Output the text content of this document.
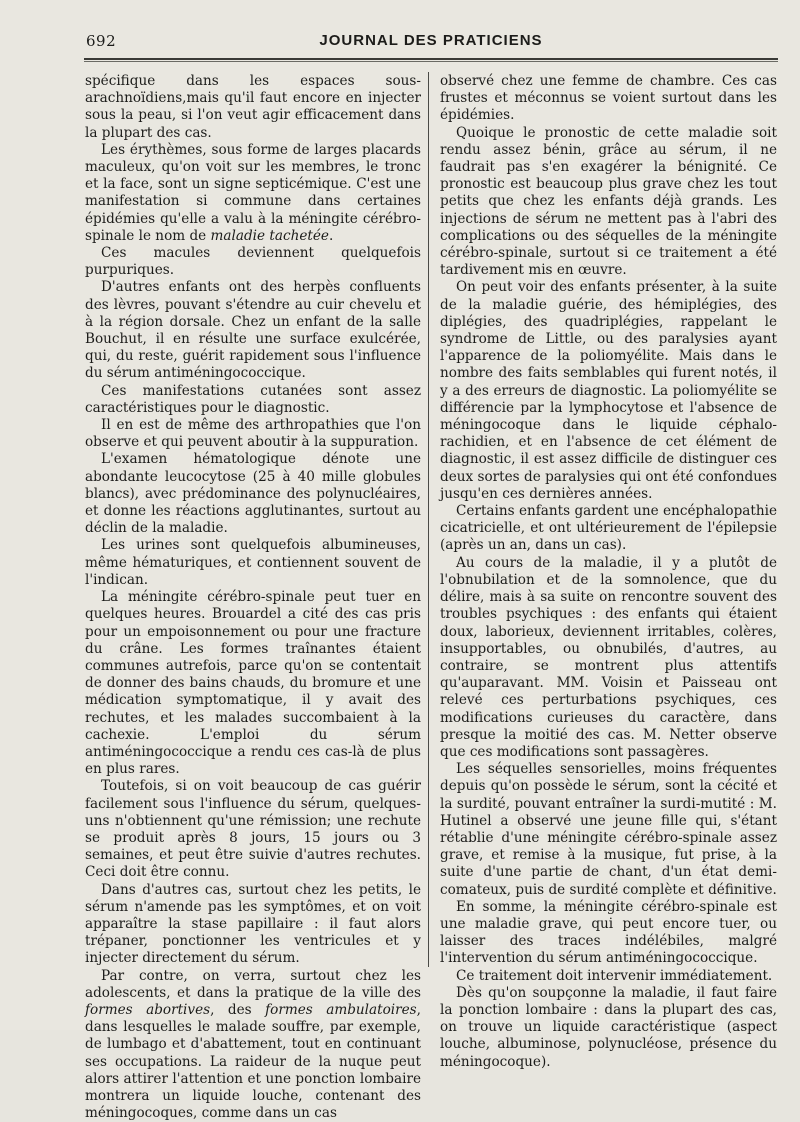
692	JOURNAL DES PRATICIENS

spécifique dans les espaces sous-arachnoïdiens,mais qu'il faut encore en injecter sous la peau, si l'on veut agir efficacement dans la plupart des cas.

Les érythèmes, sous forme de larges placards maculeux, qu'on voit sur les membres, le tronc et la face, sont un signe septicémique. C'est une manifestation si commune dans certaines épidémies qu'elle a valu à la méningite cérébro-spinale le nom de maladie tachetée.

Ces macules deviennent quelquefois purpuriques.

D'autres enfants ont des herpès confluents des lèvres, pouvant s'étendre au cuir chevelu et à la région dorsale. Chez un enfant de la salle Bouchut, il en résulte une surface exulcérée, qui, du reste, guérit rapidement sous l'influence du sérum antiméningococcique.

Ces manifestations cutanées sont assez caractéristiques pour le diagnostic.

Il en est de même des arthropathies que l'on observe et qui peuvent aboutir à la suppuration.

L'examen hématologique dénote une abondante leucocytose (25 à 40 mille globules blancs), avec prédominance des polynucléaires, et donne les réactions agglutinantes, surtout au déclin de la maladie.

Les urines sont quelquefois albumineuses, même hématuriques, et contiennent souvent de l'indican.

La méningite cérébro-spinale peut tuer en quelques heures. Brouardel a cité des cas pris pour un empoisonnement ou pour une fracture du crâne. Les formes traînantes étaient communes autrefois, parce qu'on se contentait de donner des bains chauds, du bromure et une médication symptomatique, il y avait des rechutes, et les malades succombaient à la cachexie. L'emploi du sérum antiméningococcique a rendu ces cas-là de plus en plus rares.

Toutefois, si on voit beaucoup de cas guérir facilement sous l'influence du sérum, quelques-uns n'obtiennent qu'une rémission; une rechute se produit après 8 jours, 15 jours ou 3 semaines, et peut être suivie d'autres rechutes. Ceci doit être connu.

Dans d'autres cas, surtout chez les petits, le sérum n'amende pas les symptômes, et on voit apparaître la stase papillaire : il faut alors trépaner, ponctionner les ventricules et y injecter directement du sérum.

Par contre, on verra, surtout chez les adolescents, et dans la pratique de la ville des formes abortives, des formes ambulatoires, dans lesquelles le malade souffre, par exemple, de lumbago et d'abattement, tout en continuant ses occupations. La raideur de la nuque peut alors attirer l'attention et une ponction lombaire montrera un liquide louche, contenant des méningocoques, comme dans un cas

observé chez une femme de chambre. Ces cas frustes et méconnus se voient surtout dans les épidémies.

Quoique le pronostic de cette maladie soit rendu assez bénin, grâce au sérum, il ne faudrait pas s'en exagérer la bénignité. Ce pronostic est beaucoup plus grave chez les tout petits que chez les enfants déjà grands. Les injections de sérum ne mettent pas à l'abri des complications ou des séquelles de la méningite cérébro-spinale, surtout si ce traitement a été tardivement mis en œuvre.

On peut voir des enfants présenter, à la suite de la maladie guérie, des hémiplégies, des diplégies, des quadriplégies, rappelant le syndrome de Little, ou des paralysies ayant l'apparence de la poliomyélite. Mais dans le nombre des faits semblables qui furent notés, il y a des erreurs de diagnostic. La poliomyélite se différencie par la lymphocytose et l'absence de méningocoque dans le liquide céphalo-rachidien, et en l'absence de cet élément de diagnostic, il est assez difficile de distinguer ces deux sortes de paralysies qui ont été confondues jusqu'en ces dernières années.

Certains enfants gardent une encéphalopathie cicatricielle, et ont ultérieurement de l'épilepsie (après un an, dans un cas).

Au cours de la maladie, il y a plutôt de l'obnubilation et de la somnolence, que du délire, mais à sa suite on rencontre souvent des troubles psychiques : des enfants qui étaient doux, laborieux, deviennent irritables, colères, insupportables, ou obnubilés, d'autres, au contraire, se montrent plus attentifs qu'auparavant. MM. Voisin et Paisseau ont relevé ces perturbations psychiques, ces modifications curieuses du caractère, dans presque la moitié des cas. M. Netter observe que ces modifications sont passagères.

Les séquelles sensorielles, moins fréquentes depuis qu'on possède le sérum, sont la cécité et la surdité, pouvant entraîner la surdi-mutité : M. Hutinel a observé une jeune fille qui, s'étant rétablie d'une méningite cérébro-spinale assez grave, et remise à la musique, fut prise, à la suite d'une partie de chant, d'un état demi-comateux, puis de surdité complète et définitive.

En somme, la méningite cérébro-spinale est une maladie grave, qui peut encore tuer, ou laisser des traces indélébiles, malgré l'intervention du sérum antiméningococcique.

Ce traitement doit intervenir immédiatement.

Dès qu'on soupçonne la maladie, il faut faire la ponction lombaire : dans la plupart des cas, on trouve un liquide caractéristique (aspect louche, albuminose, polynucléose, présence du méningocoque).
